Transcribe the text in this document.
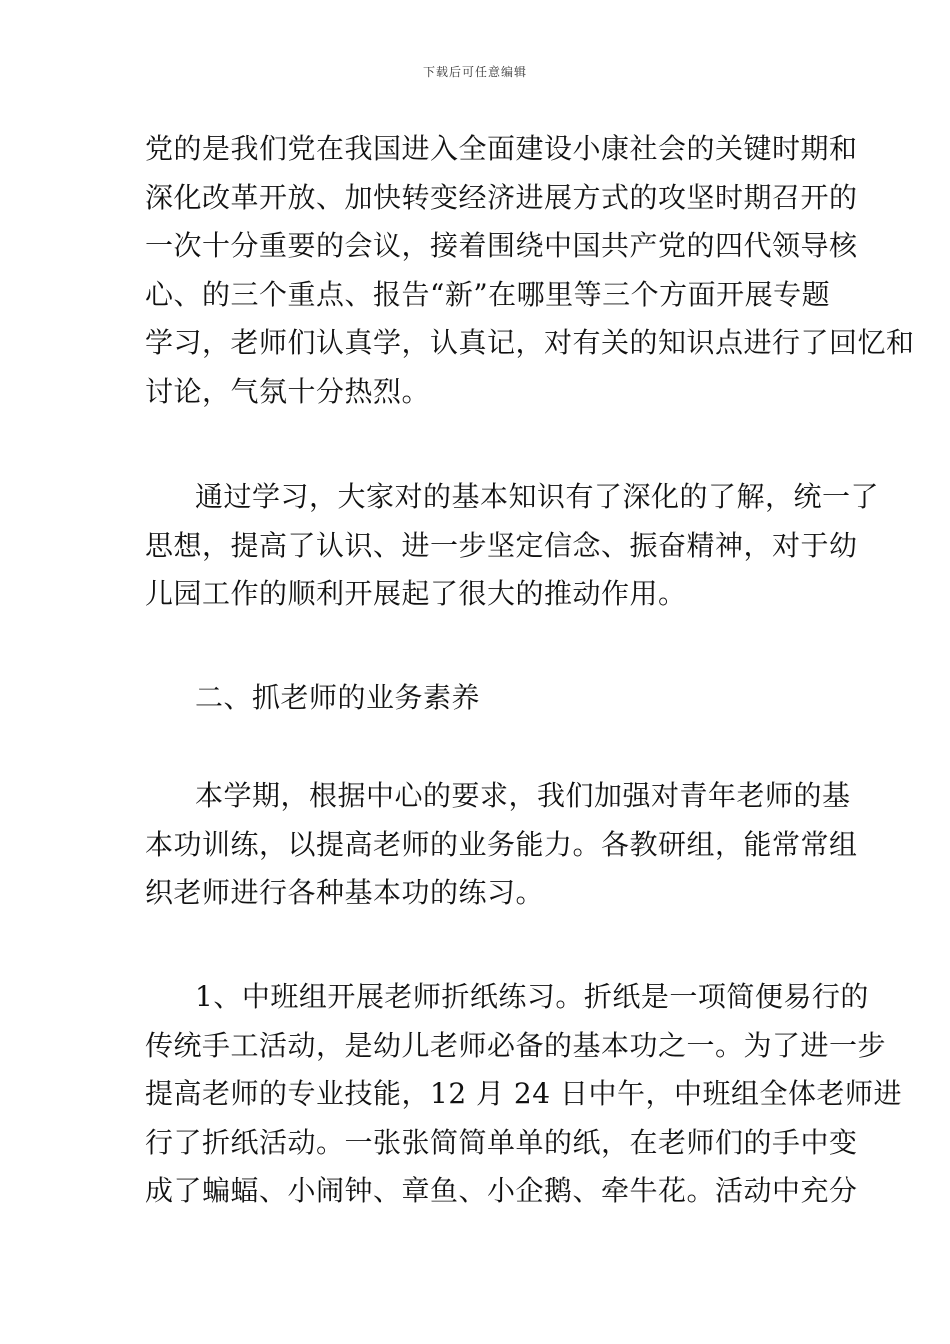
下载后可任意编辑
党的是我们党在我国进入全面建设小康社会的关键时期和
深化改革开放、加快转变经济进展方式的攻坚时期召开的
一次十分重要的会议，接着围绕中国共产党的四代领导核
心、的三个重点、报告“新”在哪里等三个方面开展专题
学习，老师们认真学，认真记，对有关的知识点进行了回忆和
讨论，气氛十分热烈。
通过学习，大家对的基本知识有了深化的了解，统一了
思想，提高了认识、进一步坚定信念、振奋精神，对于幼
儿园工作的顺利开展起了很大的推动作用。
二、抓老师的业务素养
本学期，根据中心的要求，我们加强对青年老师的基
本功训练，以提高老师的业务能力。各教研组，能常常组
织老师进行各种基本功的练习。
1、中班组开展老师折纸练习。折纸是一项简便易行的
传统手工活动，是幼儿老师必备的基本功之一。为了进一步
提高老师的专业技能，12 月 24 日中午，中班组全体老师进
行了折纸活动。一张张简简单单的纸，在老师们的手中变
成了蝙蝠、小闹钟、章鱼、小企鹅、牵牛花。活动中充分
